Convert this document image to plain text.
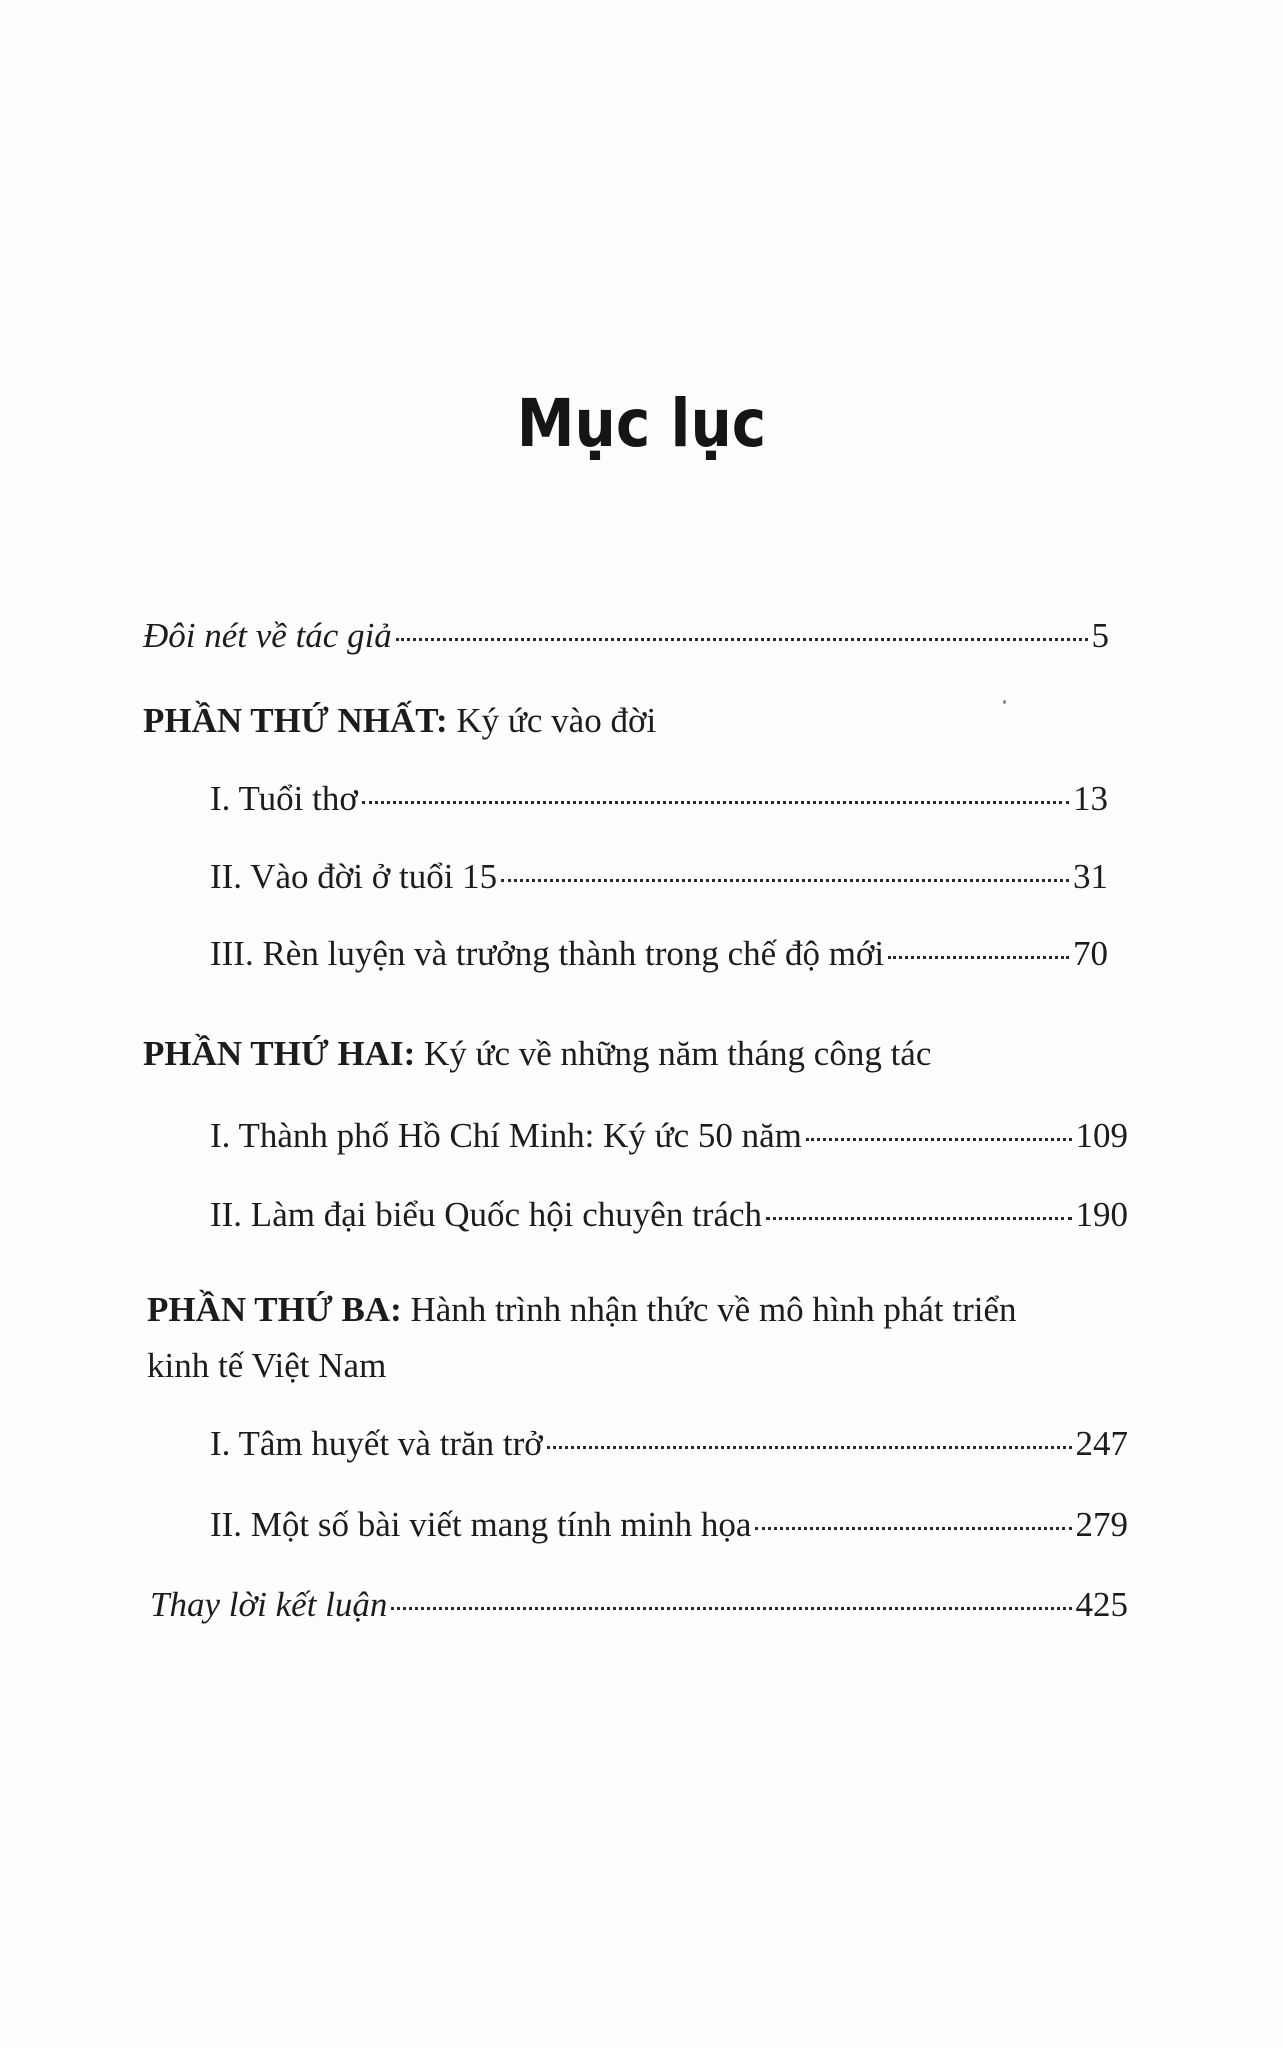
Mục lục
Đôi nét về tác giả	5
PHẦN THỨ NHẤT: Ký ức vào đời
I. Tuổi thơ	13
II. Vào đời ở tuổi 15	31
III. Rèn luyện và trưởng thành trong chế độ mới	70
PHẦN THỨ HAI: Ký ức về những năm tháng công tác
I. Thành phố Hồ Chí Minh: Ký ức 50 năm	109
II. Làm đại biểu Quốc hội chuyên trách	190
PHẦN THỨ BA: Hành trình nhận thức về mô hình phát triển
kinh tế Việt Nam
I. Tâm huyết và trăn trở	247
II. Một số bài viết mang tính minh họa	279
Thay lời kết luận	425
